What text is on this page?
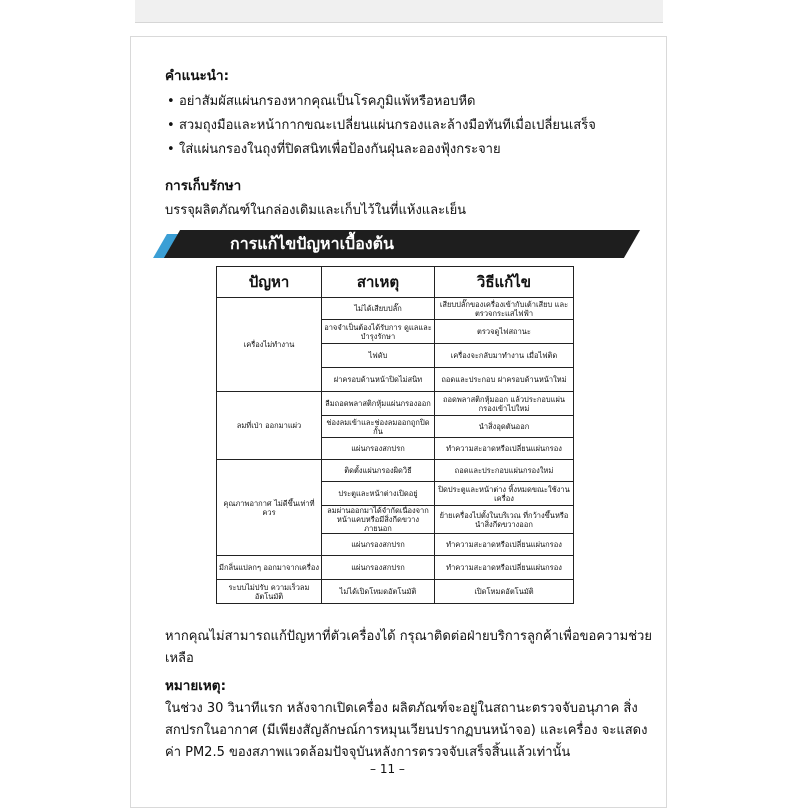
คำแนะนำ:

• อย่าสัมผัสแผ่นกรองหากคุณเป็นโรคภูมิแพ้หรือหอบหืด

• สวมถุงมือและหน้ากากขณะเปลี่ยนแผ่นกรองและล้างมือทันทีเมื่อเปลี่ยนเสร็จ

• ใส่แผ่นกรองในถุงที่ปิดสนิทเพื่อป้องกันฝุ่นละอองฟุ้งกระจาย

การเก็บรักษา

บรรจุผลิตภัณฑ์ในกล่องเดิมและเก็บไว้ในที่แห้งและเย็น

การแก้ไขปัญหาเบื้องต้น
ปัญหา	สาเหตุ	วิธีแก้ไข
เครื่องไม่ทำงาน	ไม่ได้เสียบปลั๊ก	เสียบปลั๊กของเครื่องเข้ากับเต้าเสียบ และตรวจกระแสไฟฟ้า
	อาจจำเป็นต้องได้รับการ ดูแลและบำรุงรักษา	ตรวจดูไฟสถานะ
	ไฟดับ	เครื่องจะกลับมาทำงาน เมื่อไฟติด
	ฝาครอบด้านหน้าปิดไม่สนิท	ถอดและประกอบ ฝาครอบด้านหน้าใหม่
ลมที่เป่า ออกมาแผ่ว	ลืมถอดพลาสติกหุ้มแผ่นกรองออก	ถอดพลาสติกหุ้มออก แล้วประกอบแผ่นกรองเข้าไปใหม่
	ช่องลมเข้าและช่องลมออกถูกปิดกั้น	นำสิ่งอุดตันออก
	แผ่นกรองสกปรก	ทำความสะอาดหรือเปลี่ยนแผ่นกรอง
คุณภาพอากาศ ไม่ดีขึ้นเท่าที่ควร	ติดตั้งแผ่นกรองผิดวิธี	ถอดและประกอบแผ่นกรองใหม่
	ประตูและหน้าต่างเปิดอยู่	ปิดประตูและหน้าต่าง ทิ้งหมดขณะใช้งานเครื่อง
	ลมผ่านออกมาได้จำกัดเนื่องจาก หน้าแคบหรือมีสิ่งกีดขวางภายนอก	ย้ายเครื่องไปตั้งในบริเวณ ที่กว้างขึ้นหรือนำสิ่งกีดขวางออก
	แผ่นกรองสกปรก	ทำความสะอาดหรือเปลี่ยนแผ่นกรอง
มีกลิ่นแปลกๆ ออกมาจากเครื่อง	แผ่นกรองสกปรก	ทำความสะอาดหรือเปลี่ยนแผ่นกรอง
ระบบไม่ปรับ ความเร็วลมอัตโนมัติ	ไม่ได้เปิดโหมดอัตโนมัติ	เปิดโหมดอัตโนมัติ

หากคุณไม่สามารถแก้ปัญหาที่ตัวเครื่องได้ กรุณาติดต่อฝ่ายบริการลูกค้าเพื่อขอความช่วยเหลือ

หมายเหตุ:

ในช่วง 30 วินาทีแรก หลังจากเปิดเครื่อง ผลิตภัณฑ์จะอยู่ในสถานะตรวจจับอนุภาค สิ่งสกปรกในอากาศ (มีเพียงสัญลักษณ์การหมุนเวียนปรากฏบนหน้าจอ) และเครื่อง จะแสดงค่า PM2.5 ของสภาพแวดล้อมปัจจุบันหลังการตรวจจับเสร็จสิ้นแล้วเท่านั้น

– 11 –
